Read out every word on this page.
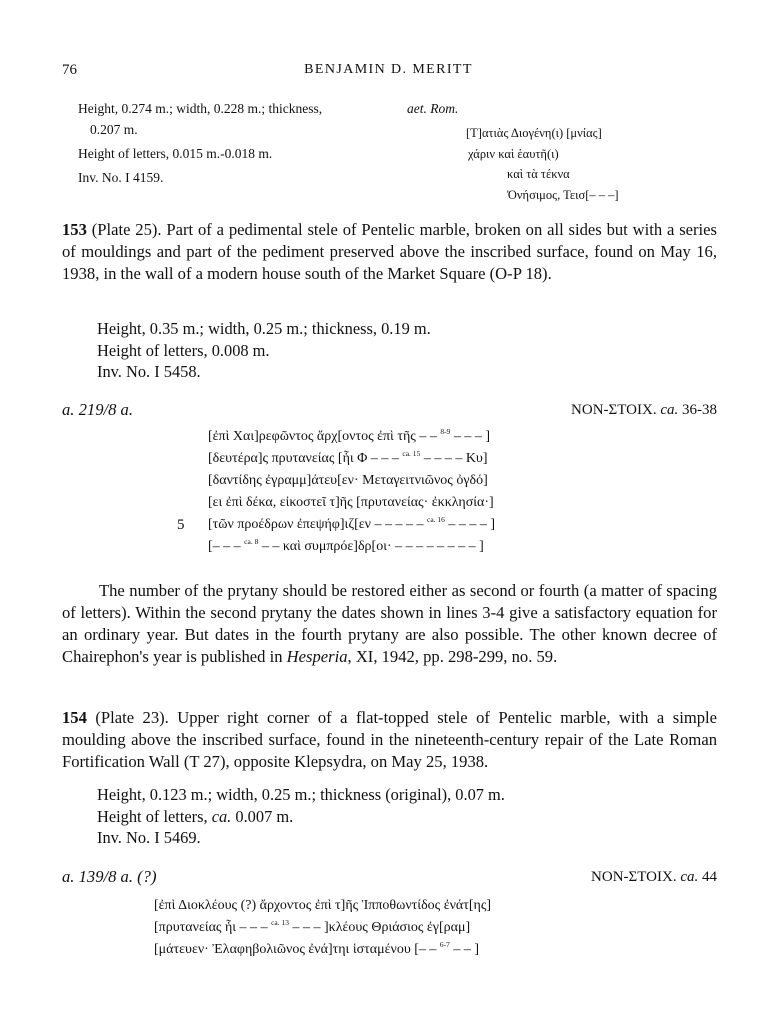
76	BENJAMIN D. MERITT
Height, 0.274 m.; width, 0.228 m.; thickness,
0.207 m.
Height of letters, 0.015 m.-0.018 m.
Inv. No. I 4159.
aet. Rom.
[Τ]ατιὰς Διογένη(ι) [μνίας]
χάριν καὶ ἑαυτῆ(ι)
καὶ τὰ τέκνα
Ὀνήσιμος, Τεισ[– – –]
153 (Plate 25). Part of a pedimental stele of Pentelic marble, broken on all sides but with a series of mouldings and part of the pediment preserved above the inscribed surface, found on May 16, 1938, in the wall of a modern house south of the Market Square (O-P 18).
Height, 0.35 m.; width, 0.25 m.; thickness, 0.19 m.
Height of letters, 0.008 m.
Inv. No. I 5458.
a. 219/8 a.	NON-ΣΤΟΙΧ. ca. 36-38
[ἐπὶ Χαι]ρεφῶντος ἄρχ[οντος ἐπὶ τῆς – – $^{8-9}$ – – – ]
[δευτέρα]ς πρυτανείας [ἧι Φ – – – $^{ca. 15}$ – – – – Κυ]
[δαντίδης ἐγραμμ]άτευ[εν· Μεταγειτνιῶνος ὀγδό]
[ει ἐπὶ δέκα, εἰκοστεῖ τ]ῆς [πρυτανείας· ἐκκλησία·]
5 [τῶν προέδρων ἐπεψήφ]ιζ[εν – – – – – $^{ca. 16}$ – – – – ]
[– – – $^{ca. 8}$ – – καὶ συμπρόε]δρ[οι· – – – – – – – – ]
The number of the prytany should be restored either as second or fourth (a matter of spacing of letters). Within the second prytany the dates shown in lines 3-4 give a satisfactory equation for an ordinary year. But dates in the fourth prytany are also possible. The other known decree of Chairephon's year is published in Hesperia, XI, 1942, pp. 298-299, no. 59.
154 (Plate 23). Upper right corner of a flat-topped stele of Pentelic marble, with a simple moulding above the inscribed surface, found in the nineteenth-century repair of the Late Roman Fortification Wall (T 27), opposite Klepsydra, on May 25, 1938.
Height, 0.123 m.; width, 0.25 m.; thickness (original), 0.07 m.
Height of letters, ca. 0.007 m.
Inv. No. I 5469.
a. 139/8 a. (?)	NON-ΣΤΟΙΧ. ca. 44
[ἐπὶ Διοκλέους (?) ἄρχοντος ἐπὶ τ]ῆς Ἱπποθωντίδος ἐνάτ[ης]
[πρυτανείας ἧι – – – $^{ca. 13}$ – – – ]κλέους Θριάσιος ἐγ[ραμ]
[μάτευεν· Ἐλαφηβολιῶνος ἐνά]τηι ἱσταμένου [– – $^{6-7}$ – – ]
